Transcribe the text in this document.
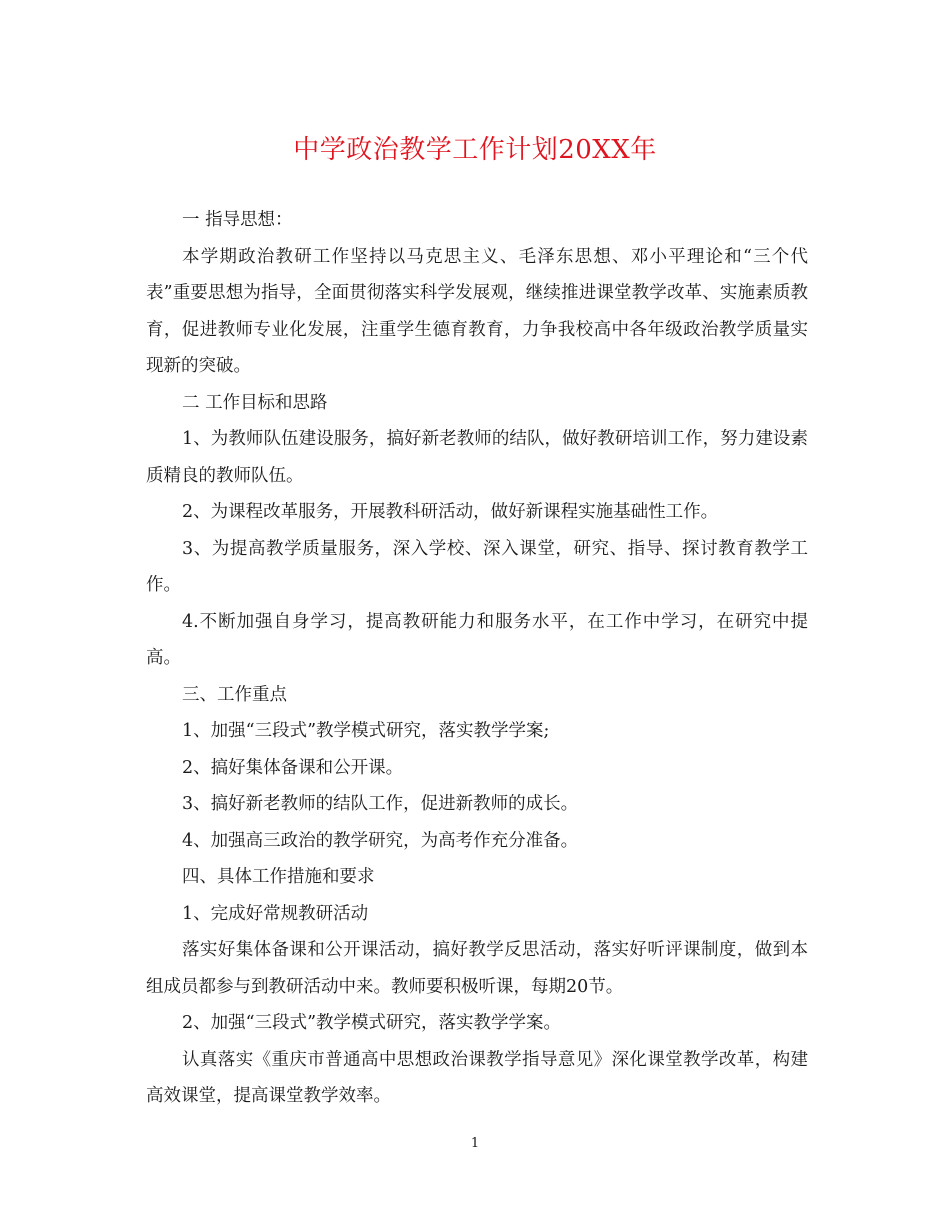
中学政治教学工作计划20XX年

一 指导思想：

本学期政治教研工作坚持以马克思主义、毛泽东思想、邓小平理论和“三个代表”重要思想为指导，全面贯彻落实科学发展观，继续推进课堂教学改革、实施素质教育，促进教师专业化发展，注重学生德育教育，力争我校高中各年级政治教学质量实现新的突破。

二 工作目标和思路

1、为教师队伍建设服务，搞好新老教师的结队，做好教研培训工作，努力建设素质精良的教师队伍。

2、为课程改革服务，开展教科研活动，做好新课程实施基础性工作。

3、为提高教学质量服务，深入学校、深入课堂，研究、指导、探讨教育教学工作。

4.不断加强自身学习，提高教研能力和服务水平，在工作中学习，在研究中提高。

三、工作重点

1、加强“三段式”教学模式研究，落实教学学案;

2、搞好集体备课和公开课。

3、搞好新老教师的结队工作，促进新教师的成长。

4、加强高三政治的教学研究，为高考作充分准备。

四、具体工作措施和要求

1、完成好常规教研活动

落实好集体备课和公开课活动，搞好教学反思活动，落实好听评课制度，做到本组成员都参与到教研活动中来。教师要积极听课，每期20节。

2、加强“三段式”教学模式研究，落实教学学案。

认真落实《重庆市普通高中思想政治课教学指导意见》深化课堂教学改革，构建高效课堂，提高课堂教学效率。

1
